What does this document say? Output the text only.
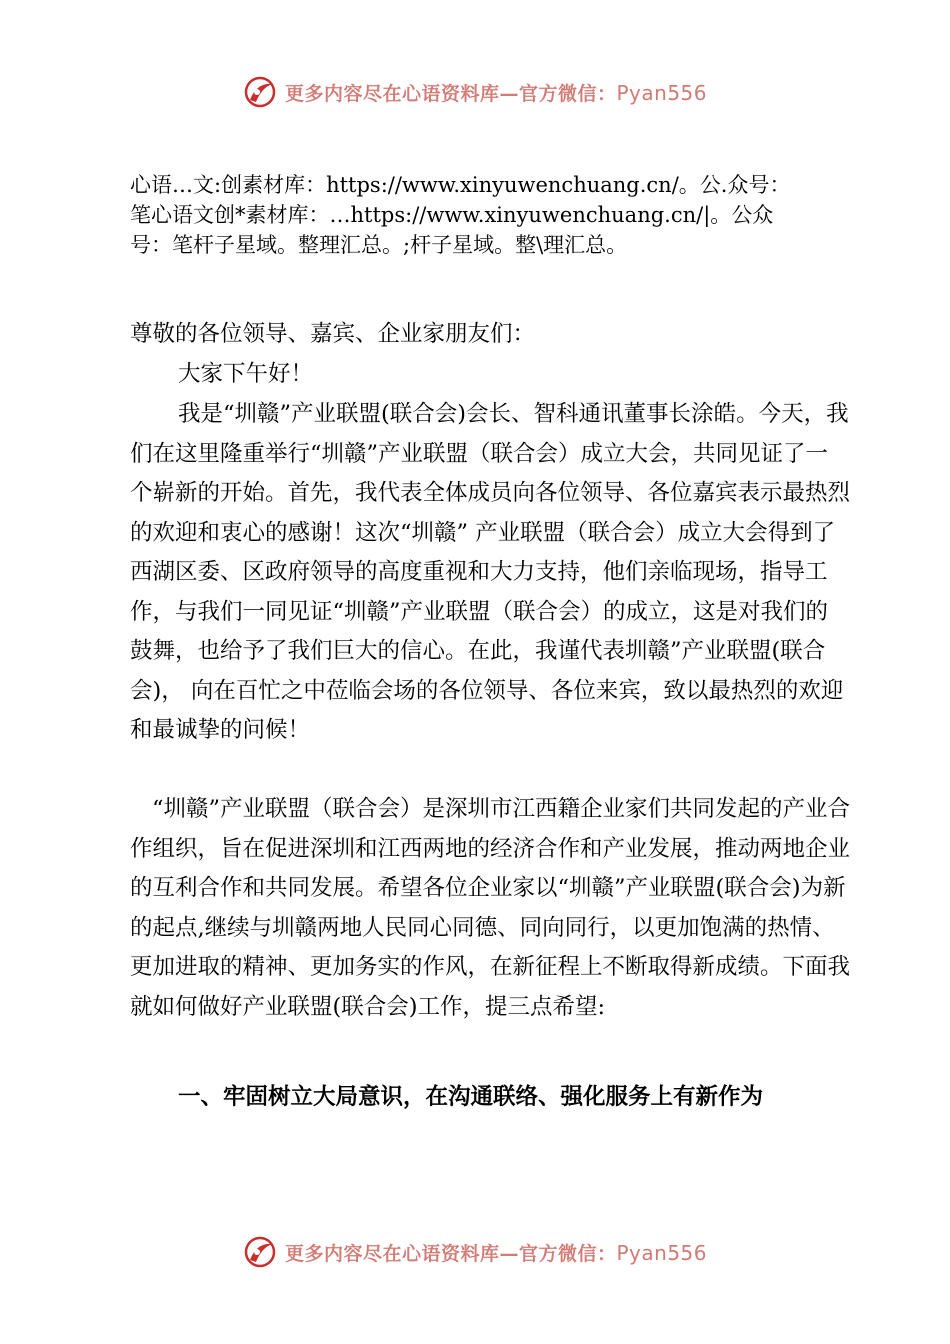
更多内容尽在心语资料库—官方微信：Pyan556

心语…文:创素材库：https://www.xinyuwenchuang.cn/。公.众号：

笔心语文创*素材库：…https://www.xinyuwenchuang.cn/|。公众

号：笔杆子星域。整理汇总。;杆子星域。整\理汇总。

尊敬的各位领导、嘉宾、企业家朋友们：

大家下午好！

我是“圳赣”产业联盟(联合会)会长、智科通讯董事长涂皓。今天，我们在这里隆重举行“圳赣”产业联盟（联合会）成立大会，共同见证了一个崭新的开始。首先，我代表全体成员向各位领导、各位嘉宾表示最热烈的欢迎和衷心的感谢！这次“圳赣” 产业联盟（联合会）成立大会得到了西湖区委、区政府领导的高度重视和大力支持，他们亲临现场，指导工作，与我们一同见证“圳赣”产业联盟（联合会）的成立，这是对我们的鼓舞，也给予了我们巨大的信心。在此，我谨代表圳赣”产业联盟(联合会)， 向在百忙之中莅临会场的各位领导、各位来宾，致以最热烈的欢迎和最诚挚的问候！

“圳赣”产业联盟（联合会）是深圳市江西籍企业家们共同发起的产业合作组织，旨在促进深圳和江西两地的经济合作和产业发展，推动两地企业的互利合作和共同发展。希望各位企业家以“圳赣”产业联盟(联合会)为新的起点,继续与圳赣两地人民同心同德、同向同行，以更加饱满的热情、更加进取的精神、更加务实的作风，在新征程上不断取得新成绩。下面我就如何做好产业联盟(联合会)工作，提三点希望:

一、牢固树立大局意识，在沟通联络、强化服务上有新作为
更多内容尽在心语资料库—官方微信：Pyan556
